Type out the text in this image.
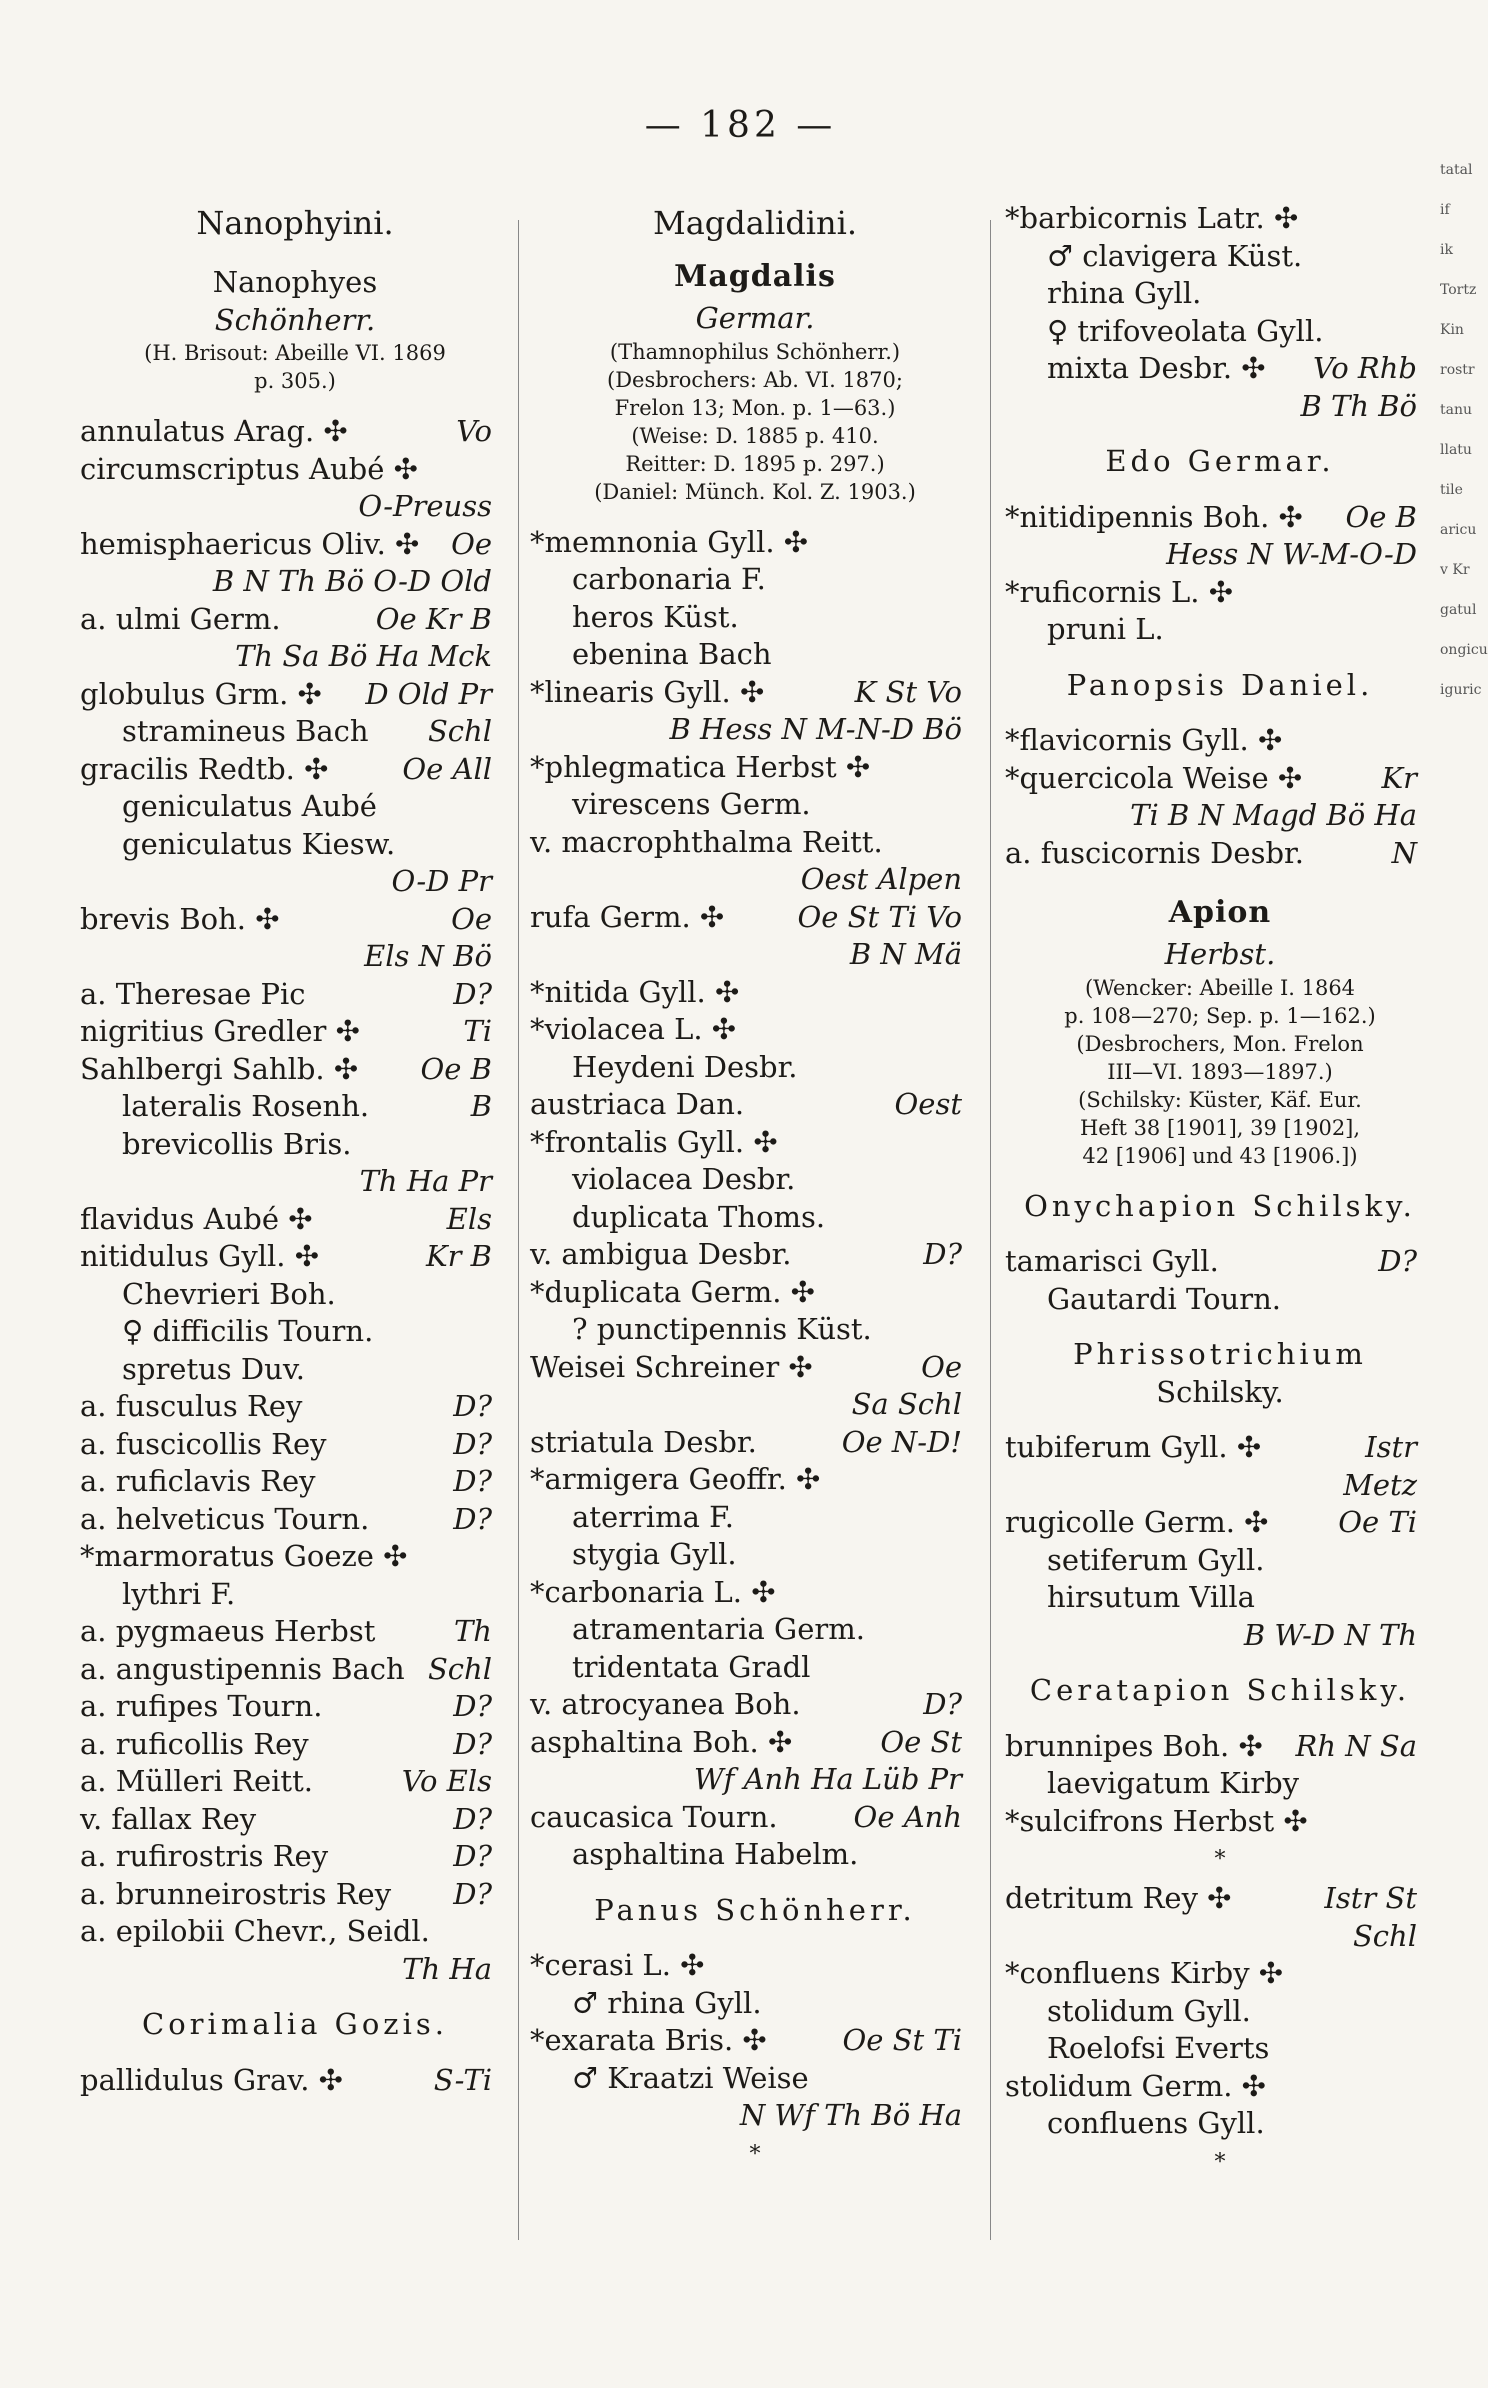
— 182 —
Nanophyini.
Nanophyes
Schönherr.
(H. Brisout: Abeille VI. 1869
p. 305.)
annulatus Arag. ✣	Vo
circumscriptus Aubé ✣
O-Preuss
hemisphaericus Oliv. ✣ Oe
B N Th Bö O-D Old
a. ulmi Germ.	Oe Kr B
Th Sa Bö Ha Mck
globulus Grm. ✣ D Old Pr
stramineus Bach Schl
gracilis Redtb. ✣	Oe All
geniculatus Aubé
geniculatus Kiesw.
O-D Pr
brevis Boh. ✣	Oe
Els N Bö
a. Theresae Pic	D?
nigritius Gredler ✣	Ti
Sahlbergi Sahlb. ✣ Oe B
lateralis Rosenh.	B
brevicollis Bris.
Th Ha Pr
flavidus Aubé ✣	Els
nitidulus Gyll. ✣	Kr B
Chevrieri Boh.
♀ difficilis Tourn.
spretus Duv.
a. fusculus Rey	D?
a. fuscicollis Rey	D?
a. ruficlavis Rey	D?
a. helveticus Tourn.	D?
*marmoratus Goeze ✣
lythri F.
a. pygmaeus Herbst	Th
a. angustipennis Bach Schl
a. rufipes Tourn.	D?
a. ruficollis Rey	D?
a. Mülleri Reitt.	Vo Els
v. fallax Rey	D?
a. rufirostris Rey	D?
a. brunneirostris Rey D?
a. epilobii Chevr., Seidl.
Th Ha
Corimalia Gozis.
pallidulus Grav. ✣	S-Ti
Magdalidini.
Magdalis
Germar.
(Thamnophilus Schönherr.)
(Desbrochers: Ab. VI. 1870;
Frelon 13; Mon. p. 1—63.)
(Weise: D. 1885 p. 410.
Reitter: D. 1895 p. 297.)
(Daniel: Münch. Kol. Z. 1903.)
*memnonia Gyll. ✣
carbonaria F.
heros Küst.
ebenina Bach
*linearis Gyll. ✣	K St Vo
B Hess N M-N-D Bö
*phlegmatica Herbst ✣
virescens Germ.
v. macrophthalma Reitt.
Oest Alpen
rufa Germ. ✣	Oe St Ti Vo
B N Mä
*nitida Gyll. ✣
*violacea L. ✣
Heydeni Desbr.
austriaca Dan.	Oest
*frontalis Gyll. ✣
violacea Desbr.
duplicata Thoms.
v. ambigua Desbr.	D?
*duplicata Germ. ✣
? punctipennis Küst.
Weisei Schreiner ✣	Oe
Sa Schl
striatula Desbr.	Oe N-D!
*armigera Geoffr. ✣
aterrima F.
stygia Gyll.
*carbonaria L. ✣
atramentaria Germ.
tridentata Gradl
v. atrocyanea Boh.	D?
asphaltina Boh. ✣	Oe St
Wf Anh Ha Lüb Pr
caucasica Tourn.	Oe Anh
asphaltina Habelm.
Panus Schönherr.
*cerasi L. ✣
♂ rhina Gyll.
*exarata Bris. ✣	Oe St Ti
♂ Kraatzi Weise
N Wf Th Bö Ha
*
*barbicornis Latr. ✣
♂ clavigera Küst.
rhina Gyll.
♀ trifoveolata Gyll.
mixta Desbr. ✣ Vo Rhb
B Th Bö
Edo Germar.
*nitidipennis Boh. ✣ Oe B
Hess N W-M-O-D
*ruficornis L. ✣
pruni L.
Panopsis Daniel.
*flavicornis Gyll. ✣
*quercicola Weise ✣	Kr
Ti B N Magd Bö Ha
a. fuscicornis Desbr.	N
Apion
Herbst.
(Wencker: Abeille I. 1864
p. 108—270; Sep. p. 1—162.)
(Desbrochers, Mon. Frelon
III—VI. 1893—1897.)
(Schilsky: Küster, Käf. Eur.
Heft 38 [1901], 39 [1902],
42 [1906] und 43 [1906.])
Onychapion Schilsky.
tamarisci Gyll.	D?
Gautardi Tourn.
Phrissotrichium
Schilsky.
tubiferum Gyll. ✣	Istr
Metz
rugicolle Germ. ✣ Oe Ti
setiferum Gyll.
hirsutum Villa
B W-D N Th
Ceratapion Schilsky.
brunnipes Boh. ✣ Rh N Sa
laevigatum Kirby
*sulcifrons Herbst ✣
*
detritum Rey ✣	Istr St
Schl
*confluens Kirby ✣
stolidum Gyll.
Roelofsi Everts
stolidum Germ. ✣
confluens Gyll.
*
tatal
if
ik
Tortz
Kin
rostr
tanu
llatu
tile
aricu
v Kr
gatul
ongicu
iguric
